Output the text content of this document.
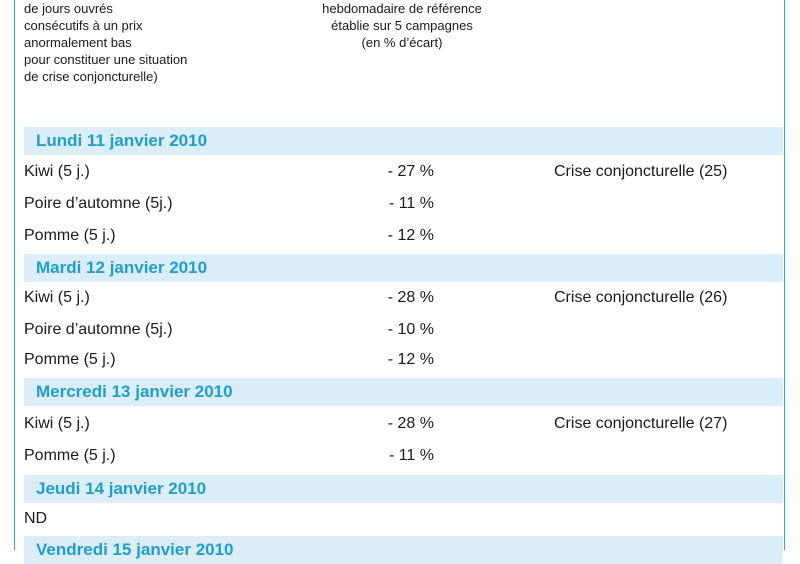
de jours ouvrés
consécutifs à un prix
anormalement bas
pour constituer une situation
de crise conjoncturelle)
hebdomadaire de référence
établie sur 5 campagnes
(en % d’écart)
Lundi 11 janvier 2010
Kiwi (5 j.)	- 27 %	Crise conjoncturelle (25)
Poire d’automne (5j.)	- 11 %
Pomme (5 j.)	- 12 %
Mardi 12 janvier 2010
Kiwi (5 j.)	- 28 %	Crise conjoncturelle (26)
Poire d’automne (5j.)	- 10 %
Pomme (5 j.)	- 12 %
Mercredi 13 janvier 2010
Kiwi (5 j.)	- 28 %	Crise conjoncturelle (27)
Pomme (5 j.)	- 11 %
Jeudi 14 janvier 2010
ND
Vendredi 15 janvier 2010
